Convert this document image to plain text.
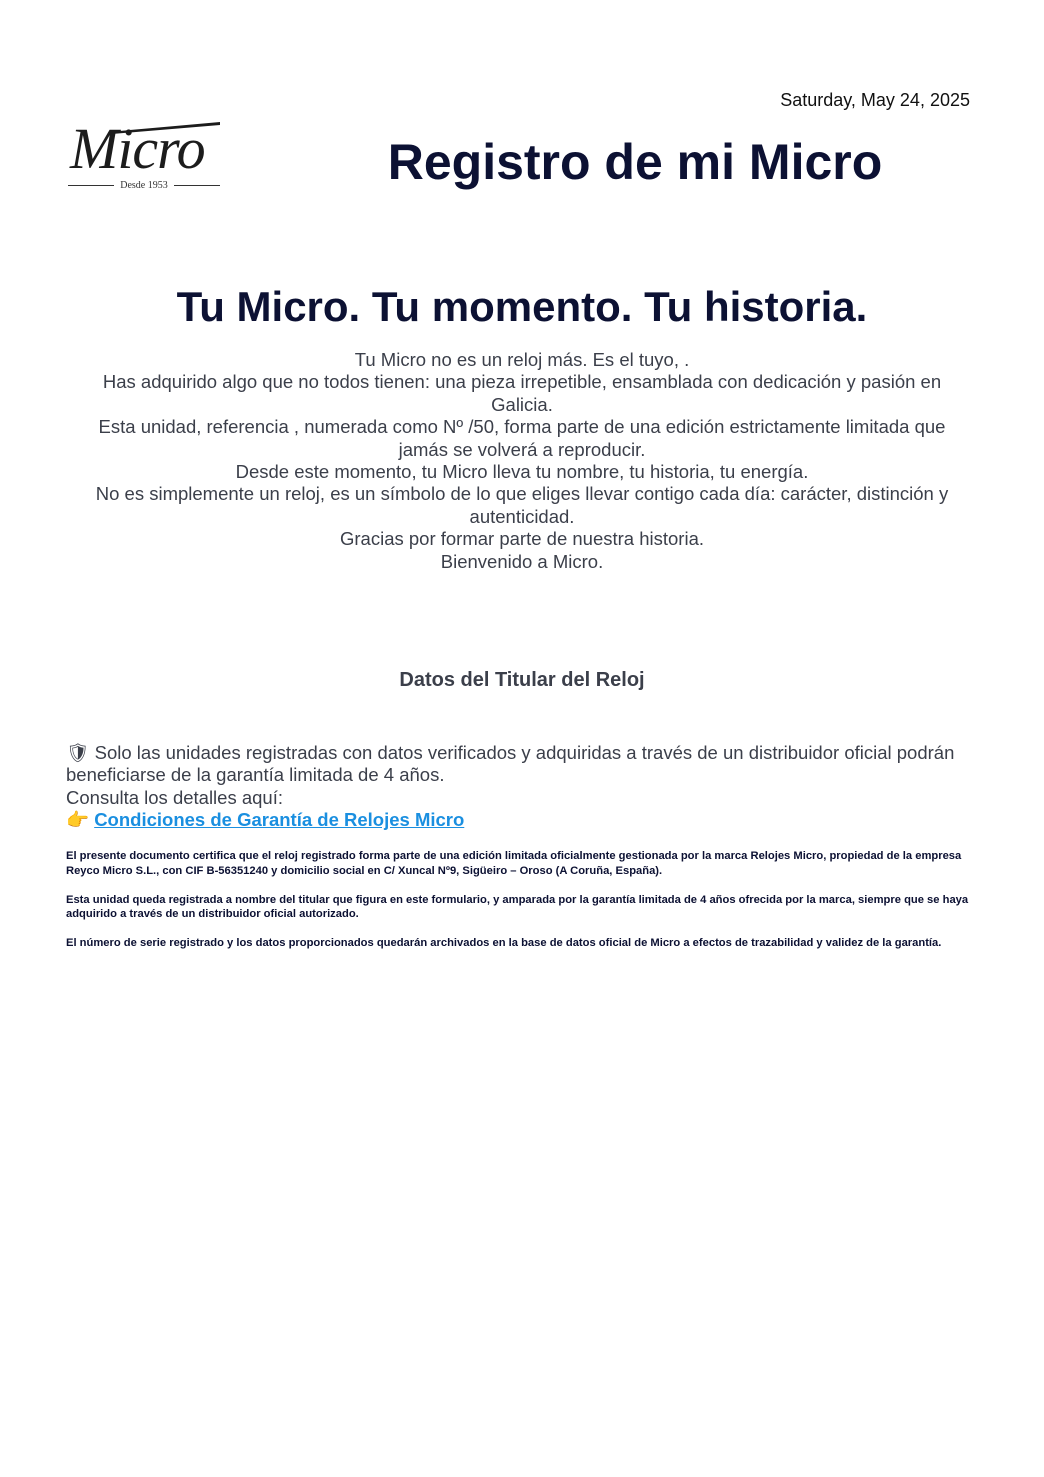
Saturday, May 24, 2025
Micro
Desde 1953	Registro de mi Micro
Tu Micro. Tu momento. Tu historia.

Tu Micro no es un reloj más. Es el tuyo, .

Has adquirido algo que no todos tienen: una pieza irrepetible, ensamblada con dedicación y pasión en Galicia.

Esta unidad, referencia , numerada como Nº /50, forma parte de una edición estrictamente limitada que jamás se volverá a reproducir.

Desde este momento, tu Micro lleva tu nombre, tu historia, tu energía.

No es simplemente un reloj, es un símbolo de lo que eliges llevar contigo cada día: carácter, distinción y autenticidad.

Gracias por formar parte de nuestra historia.

Bienvenido a Micro.

Datos del Titular del Reloj

🛡 Solo las unidades registradas con datos verificados y adquiridas a través de un distribuidor oficial podrán beneficiarse de la garantía limitada de 4 años.

Consulta los detalles aquí:

👉 Condiciones de Garantía de Relojes Micro

El presente documento certifica que el reloj registrado forma parte de una edición limitada oficialmente gestionada por la marca Relojes Micro, propiedad de la empresa Reyco Micro S.L., con CIF B-56351240 y domicilio social en C/ Xuncal Nº9, Sigüeiro – Oroso (A Coruña, España).

Esta unidad queda registrada a nombre del titular que figura en este formulario, y amparada por la garantía limitada de 4 años ofrecida por la marca, siempre que se haya adquirido a través de un distribuidor oficial autorizado.

El número de serie registrado y los datos proporcionados quedarán archivados en la base de datos oficial de Micro a efectos de trazabilidad y validez de la garantía.
